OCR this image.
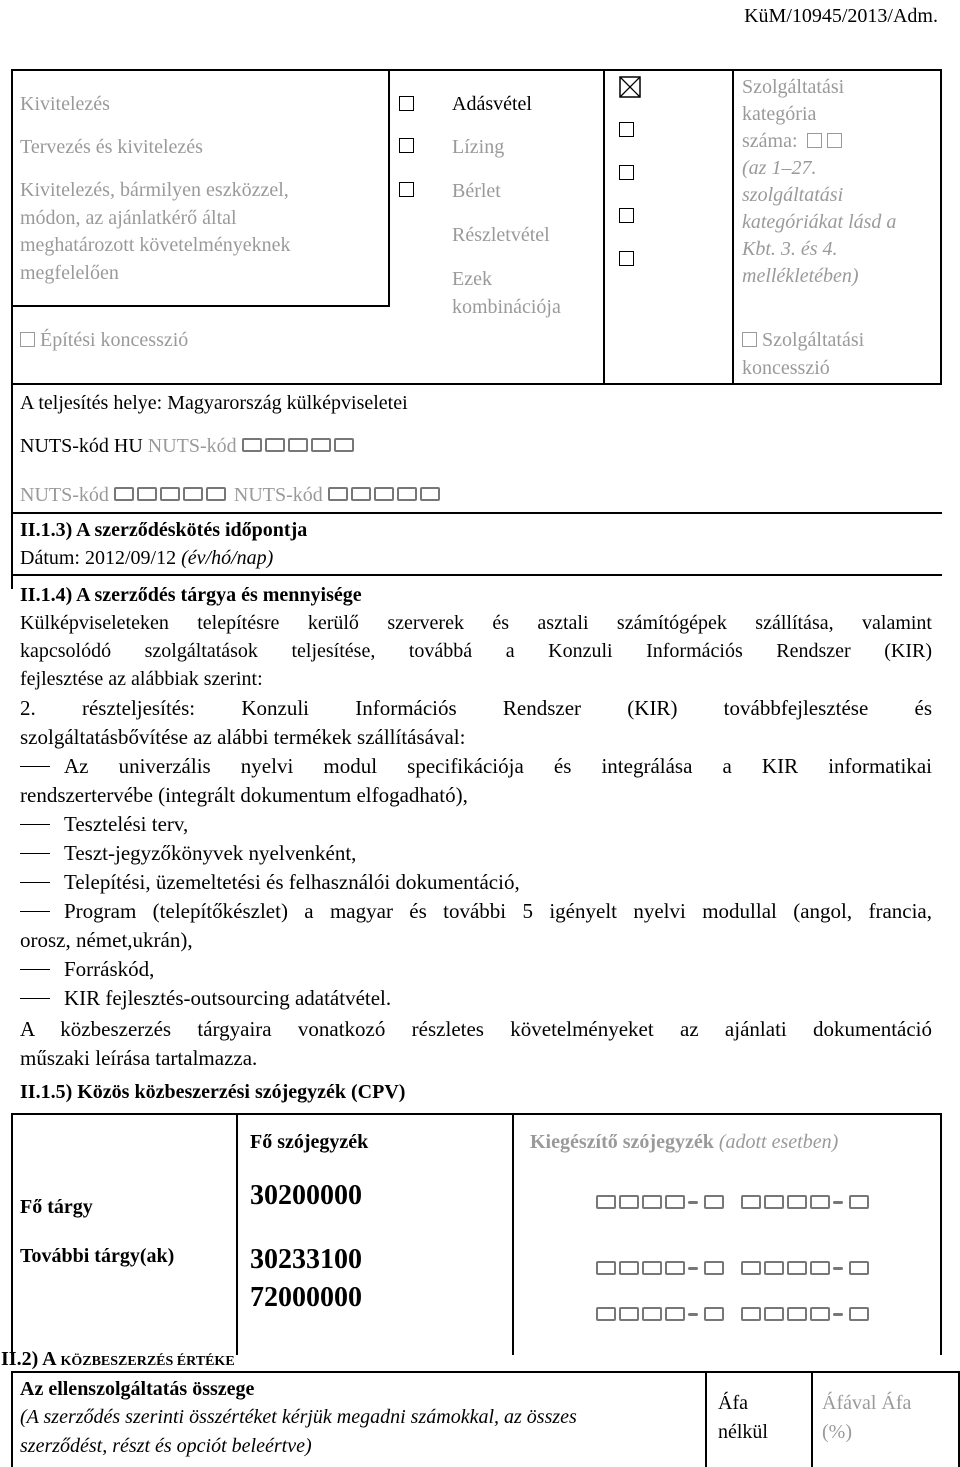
KüM/10945/2013/Adm.
Kivitelezés
Tervezés és kivitelezés
Kivitelezés, bármilyen eszközzel,
módon, az ajánlatkérő által
meghatározott követelményeknek
megfelelően
Építési koncesszió
Adásvétel
Lízing
Bérlet
Részletvétel
Ezek
kombinációja
Szolgáltatási
kategória
száma:
(az 1–27.
szolgáltatási
kategóriákat lásd a
Kbt. 3. és 4.
mellékletében)
Szolgáltatási
koncesszió
A teljesítés helye: Magyarország külképviseletei
NUTS-kód HU NUTS-kód
NUTS-kód	NUTS-kód
II.1.3) A szerződéskötés időpontja
Dátum: 2012/09/12 (év/hó/nap)
II.1.4) A szerződés tárgya és mennyisége
Külképviseleteken telepítésre kerülő szerverek és asztali számítógépek szállítása, valamint
kapcsolódó szolgáltatások teljesítése, továbbá a Konzuli Információs Rendszer (KIR)
fejlesztése az alábbiak szerint:
2. részteljesítés: Konzuli Információs Rendszer (KIR) továbbfejlesztése és
szolgáltatásbővítése az alábbi termékek szállításával:
Az univerzális nyelvi modul specifikációja és integrálása a KIR informatikai
rendszertervébe (integrált dokumentum elfogadható),
Tesztelési terv,
Teszt-jegyzőkönyvek nyelvenként,
Telepítési, üzemeltetési és felhasználói dokumentáció,
Program (telepítőkészlet) a magyar és további 5 igényelt nyelvi modullal (angol, francia,
orosz, német,ukrán),
Forráskód,
KIR fejlesztés-outsourcing adatátvétel.
A közbeszerzés tárgyaira vonatkozó részletes követelményeket az ajánlati dokumentáció
műszaki leírása tartalmazza.
II.1.5) Közös közbeszerzési szójegyzék (CPV)
Fő szójegyzék	Kiegészítő szójegyzék (adott esetben)
Fő tárgy	30200000

További tárgy(ak)	30233100
72000000

II.2) A KÖZBESZERZÉS ÉRTÉKE
Az ellenszolgáltatás összege
(A szerződés szerinti összértéket kérjük megadni számokkal, az összes
szerződést, részt és opciót beleértve)
Áfa
nélkül
Áfával Áfa
(%)
